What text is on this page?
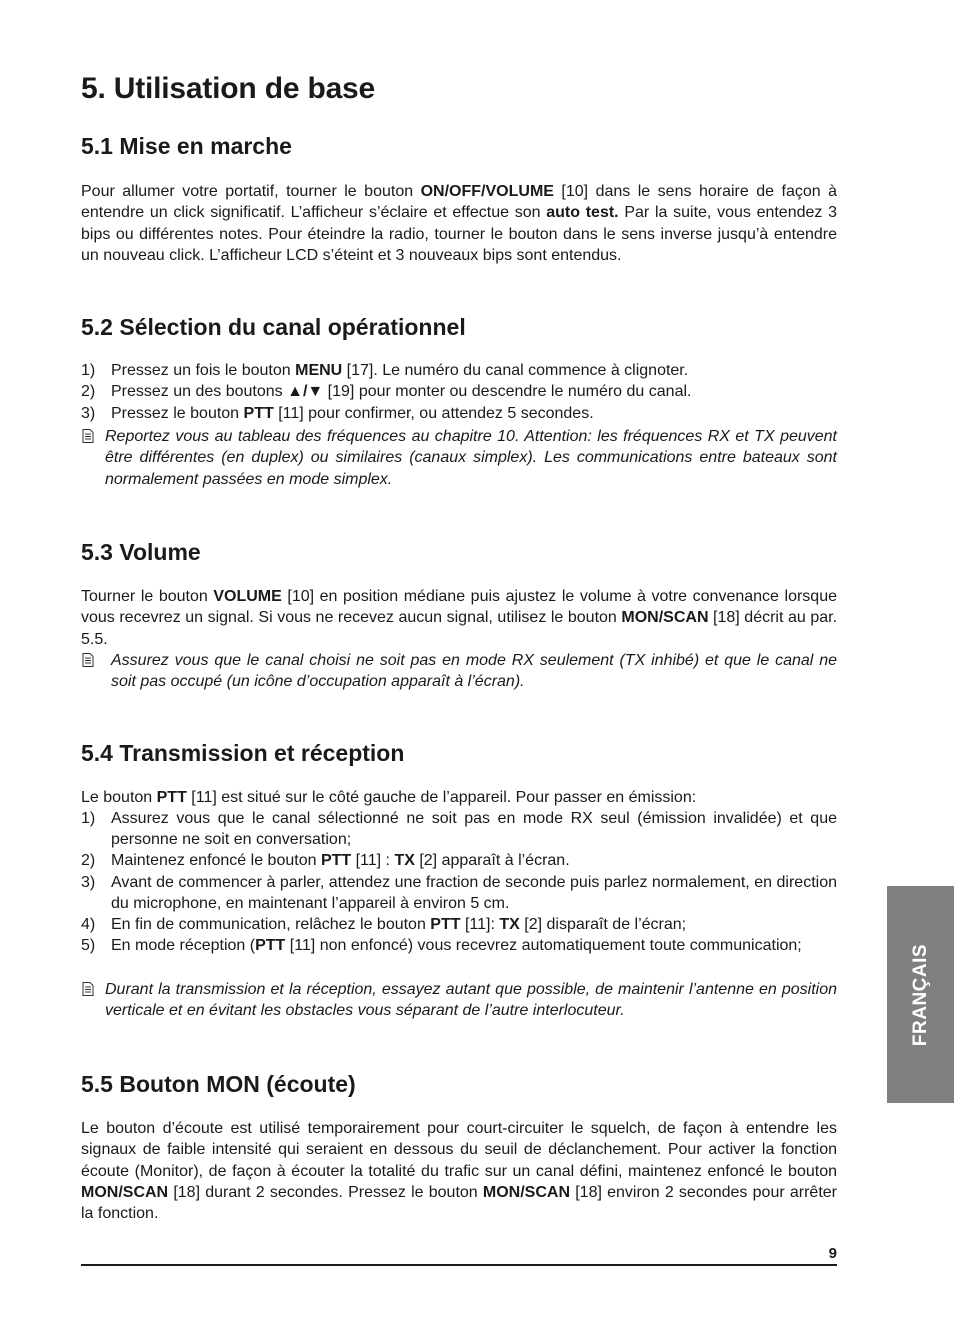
5. Utilisation de base
5.1 Mise en marche

Pour allumer votre portatif, tourner le bouton ON/OFF/VOLUME [10] dans le sens horaire de façon à entendre un click significatif. L’afficheur s’éclaire et effectue son auto test. Par la suite, vous entendez 3 bips ou différentes notes. Pour éteindre la radio, tourner le bouton dans le sens inverse jusqu’à entendre un nouveau click. L’afficheur LCD s’éteint et 3 nouveaux bips sont entendus.

5.2 Sélection du canal opérationnel
1) Pressez un fois le bouton MENU [17]. Le numéro du canal commence à clignoter.
2) Pressez un des boutons ▲/▼ [19] pour monter ou descendre le numéro du canal.
3) Pressez le bouton PTT [11] pour confirmer, ou attendez 5 secondes.
Reportez vous au tableau des fréquences au chapitre 10. Attention: les fréquences RX et TX peuvent être différentes (en duplex) ou similaires (canaux simplex). Les communications entre bateaux sont normalement passées en mode simplex.
5.3 Volume

Tourner le bouton VOLUME [10] en position médiane puis ajustez le volume à votre convenance lorsque vous recevrez un signal. Si vous ne recevez aucun signal, utilisez le bouton MON/SCAN [18] décrit au par. 5.5.

Assurez vous que le canal choisi ne soit pas en mode RX seulement (TX inhibé) et que le canal ne soit pas occupé (un icône d’occupation apparaît à l’écran).
5.4 Transmission et réception

Le bouton PTT [11] est situé sur le côté gauche de l’appareil. Pour passer en émission:

1) Assurez vous que le canal sélectionné ne soit pas en mode RX seul (émission invalidée) et que personne ne soit en conversation;
2) Maintenez enfoncé le bouton PTT [11] : TX [2] apparaît à l’écran.
3) Avant de commencer à parler, attendez une fraction de seconde puis parlez normalement, en direction du microphone, en maintenant l’appareil à environ 5 cm.
4) En fin de communication, relâchez le bouton PTT [11]: TX [2] disparaît de l’écran;
5) En mode réception (PTT [11] non enfoncé) vous recevrez automatiquement toute communication;
Durant la transmission et la réception, essayez autant que possible, de maintenir l’antenne en position verticale et en évitant les obstacles vous séparant de l’autre interlocuteur.
5.5 Bouton MON (écoute)

Le bouton d’écoute est utilisé temporairement pour court-circuiter le squelch, de façon à entendre les signaux de faible intensité qui seraient en dessous du seuil de déclanchement. Pour activer la fonction écoute (Monitor), de façon à écouter la totalité du trafic sur un canal défini, maintenez enfoncé le bouton MON/SCAN [18] durant 2 secondes. Pressez le bouton MON/SCAN [18] environ 2 secondes pour arrêter la fonction.

9
FRANÇAIS
